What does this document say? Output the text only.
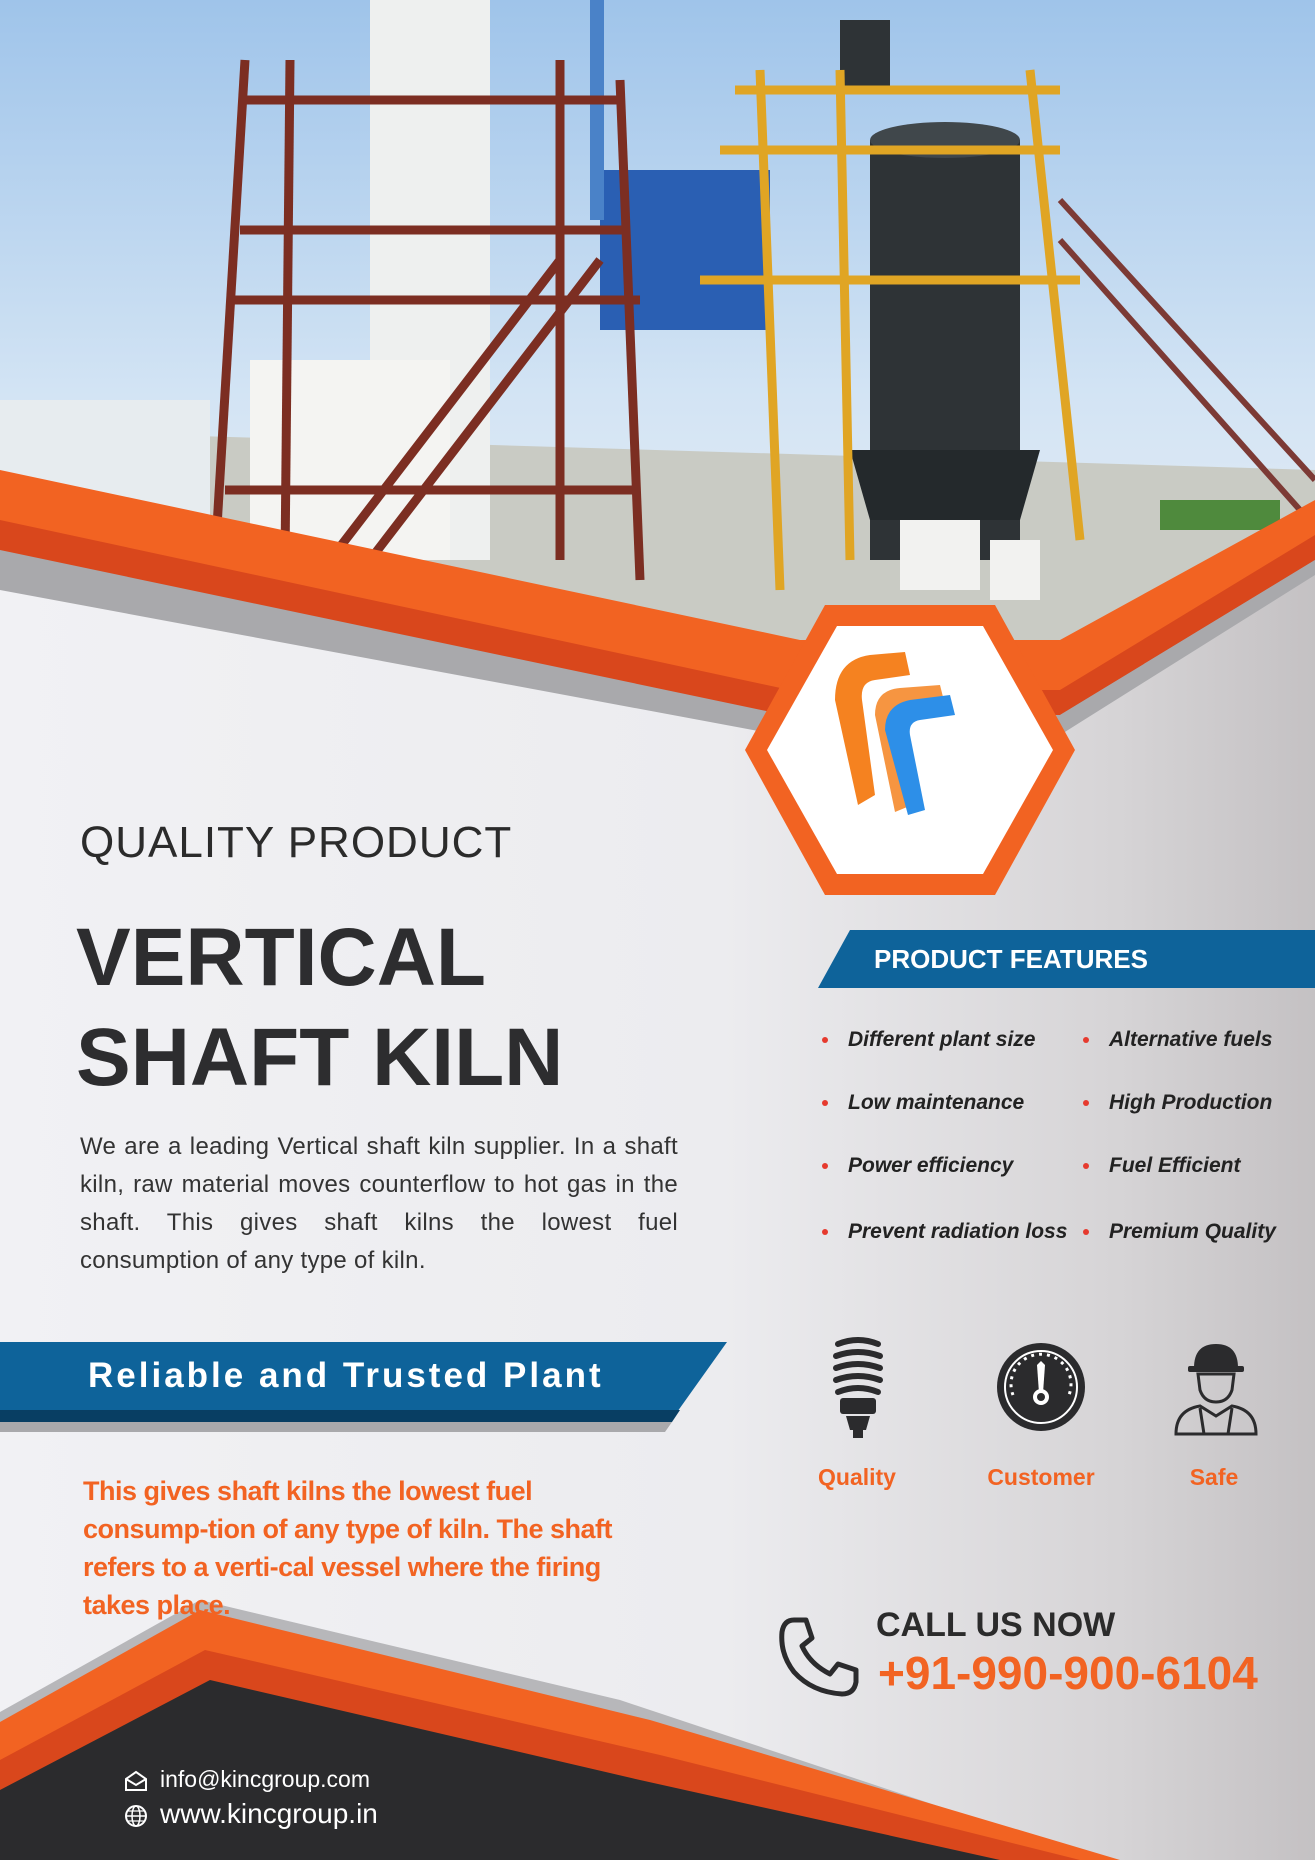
QUALITY PRODUCT
VERTICAL
SHAFT KILN
We are a leading Vertical shaft kiln supplier. In a shaft kiln, raw material moves counterflow to hot gas in the shaft. This gives shaft kilns the lowest fuel consumption of any type of kiln.
Reliable and Trusted Plant
This gives shaft kilns the lowest fuel consump-tion of any type of kiln. The shaft refers to a verti-cal vessel where the firing takes place.
PRODUCT FEATURES
Different plant size
Low maintenance
Power efficiency
Prevent radiation loss
Alternative fuels
High Production
Fuel Efficient
Premium Quality
Quality	Customer	Safe
CALL US NOW
+91-990-900-6104
info@kincgroup.com
www.kincgroup.in
